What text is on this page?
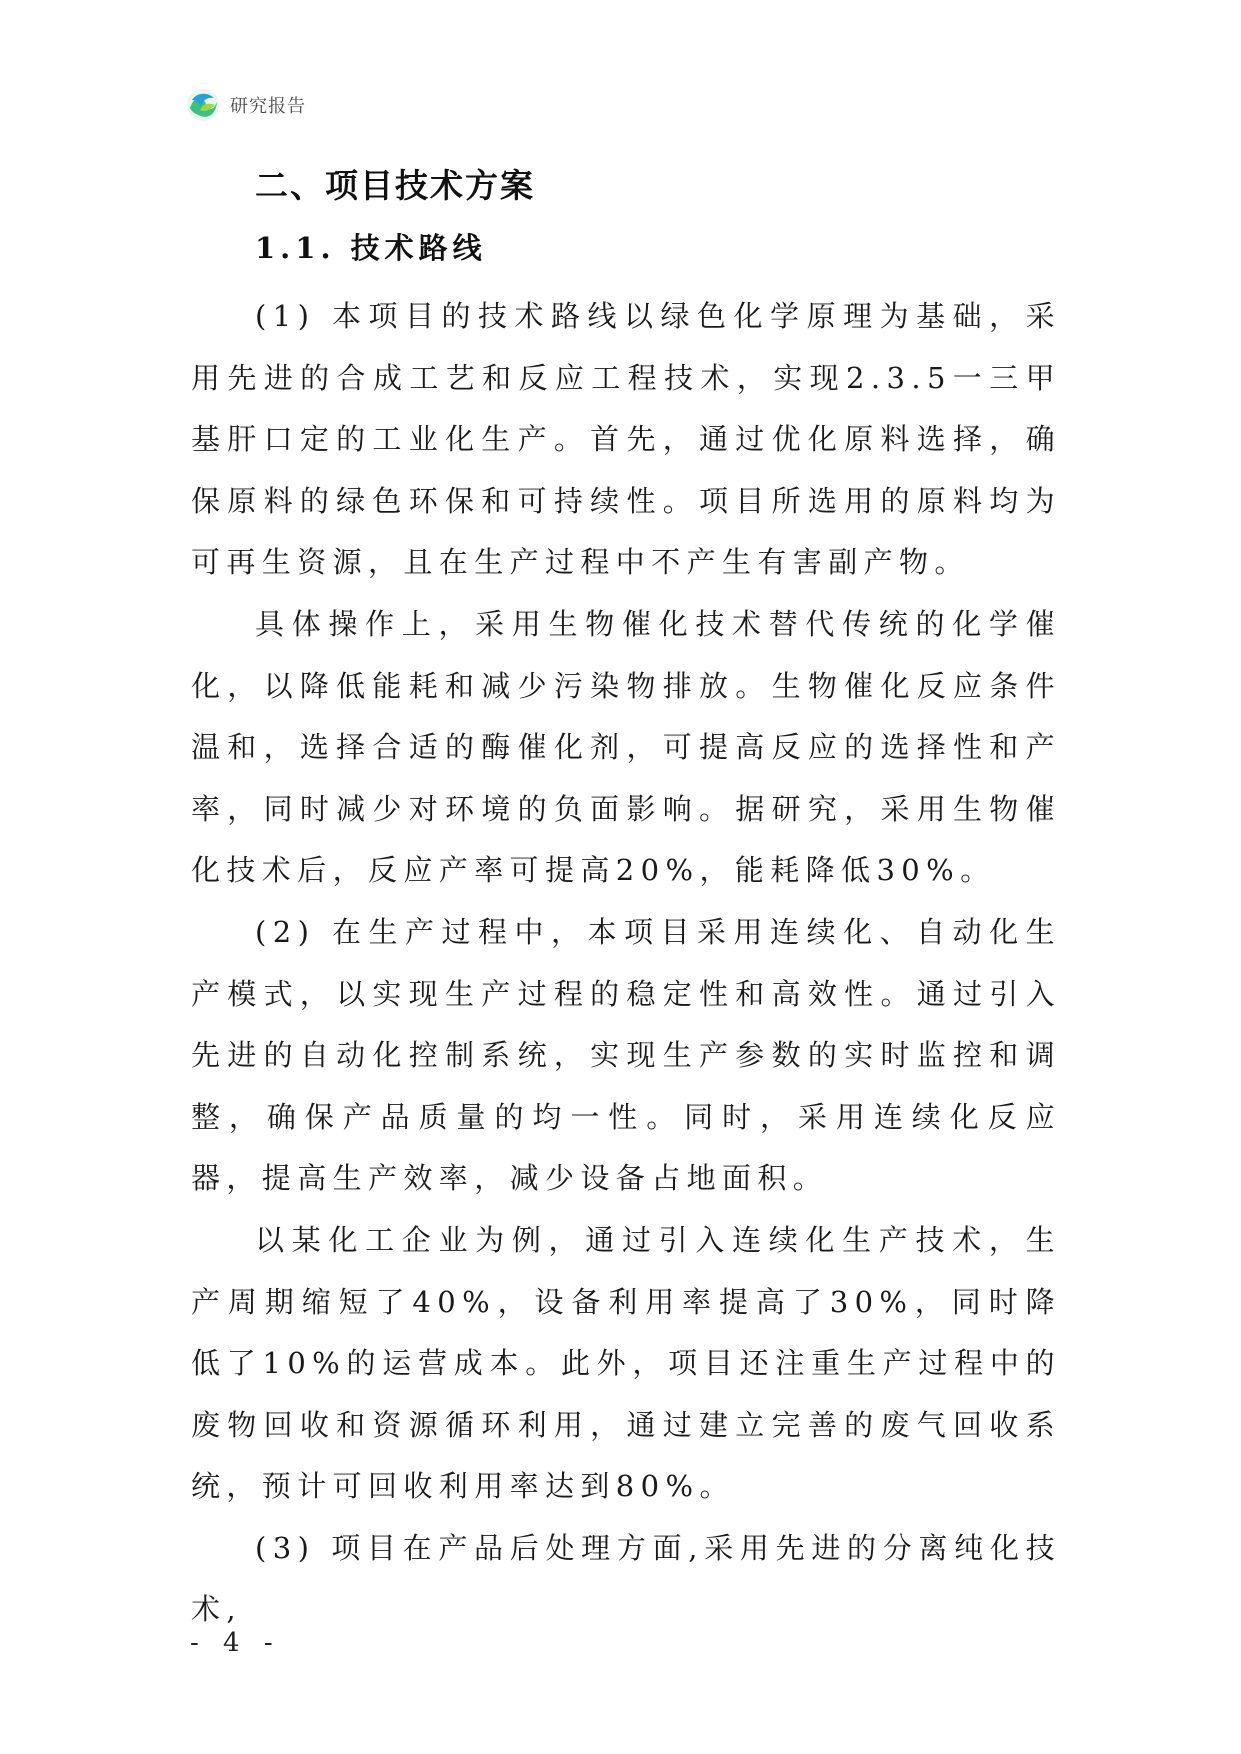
研究报告
二、项目技术方案
1.1. 技术路线

(1) 本项目的技术路线以绿色化学原理为基础，采用先进的合成工艺和反应工程技术，实现2.3.5一三甲基肝口定的工业化生产。首先，通过优化原料选择，确保原料的绿色环保和可持续性。项目所选用的原料均为可再生资源，且在生产过程中不产生有害副产物。

具体操作上，采用生物催化技术替代传统的化学催化，以降低能耗和减少污染物排放。生物催化反应条件温和，选择合适的酶催化剂，可提高反应的选择性和产率，同时减少对环境的负面影响。据研究，采用生物催化技术后，反应产率可提高20%，能耗降低30%。

(2) 在生产过程中，本项目采用连续化、自动化生产模式，以实现生产过程的稳定性和高效性。通过引入先进的自动化控制系统，实现生产参数的实时监控和调整，确保产品质量的均一性。同时，采用连续化反应器，提高生产效率，减少设备占地面积。

以某化工企业为例，通过引入连续化生产技术，生产周期缩短了40%，设备利用率提高了30%，同时降低了10%的运营成本。此外，项目还注重生产过程中的废物回收和资源循环利用，通过建立完善的废气回收系统，预计可回收利用率达到80%。

(3) 项目在产品后处理方面,采用先进的分离纯化技术,

- 4 -
